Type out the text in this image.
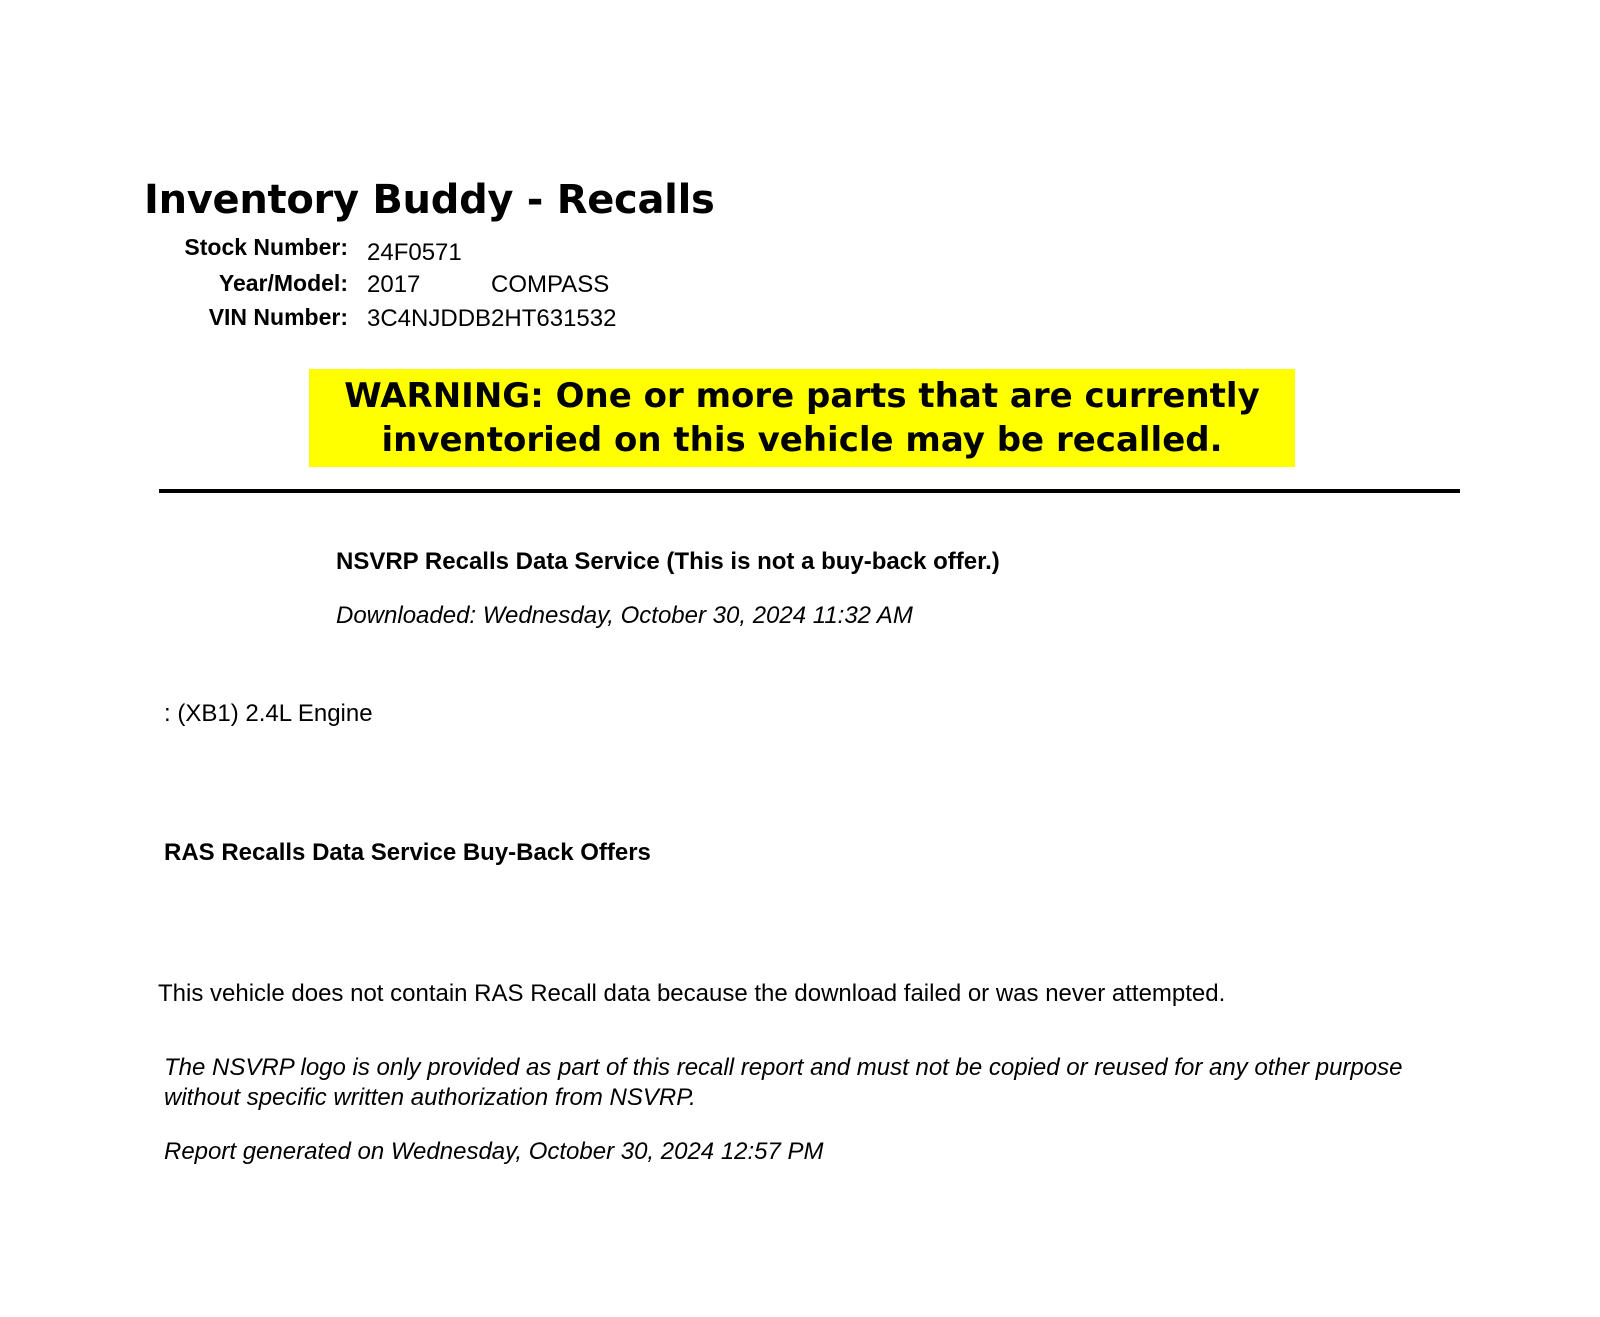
Inventory Buddy - Recalls
Stock Number: 24F0571
Year/Model: 2017	COMPASS
VIN Number: 3C4NJDDB2HT631532
WARNING: One or more parts that are currently inventoried on this vehicle may be recalled.
NSVRP Recalls Data Service (This is not a buy-back offer.)
Downloaded: Wednesday, October 30, 2024 11:32 AM
: (XB1) 2.4L Engine
RAS Recalls Data Service Buy-Back Offers
This vehicle does not contain RAS Recall data because the download failed or was never attempted.
The NSVRP logo is only provided as part of this recall report and must not be copied or reused for any other purpose without specific written authorization from NSVRP.
Report generated on Wednesday, October 30, 2024 12:57 PM
